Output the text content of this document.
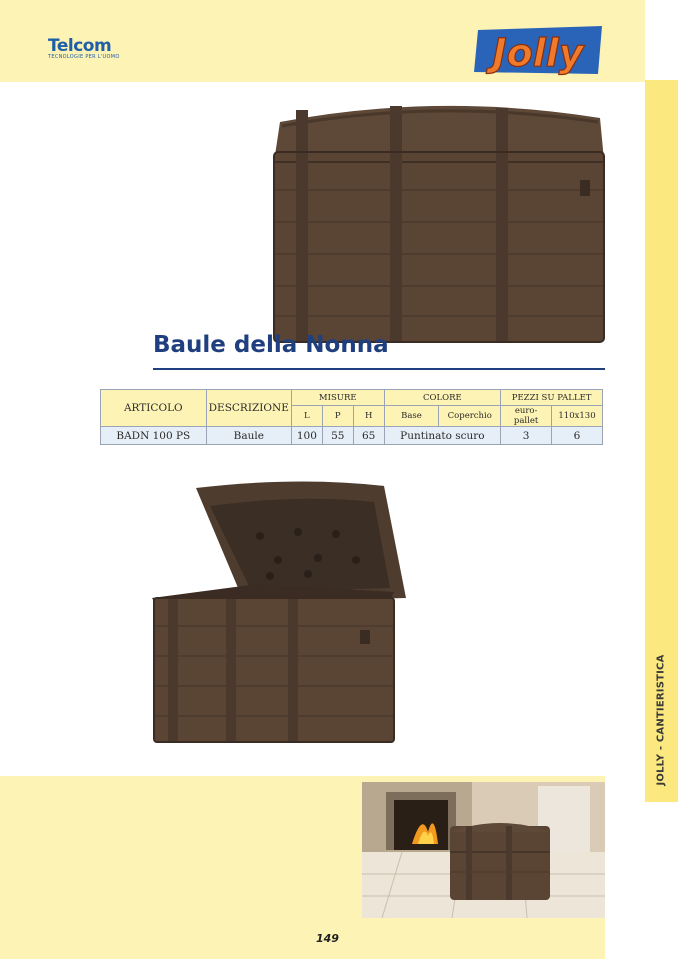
JOLLY - CANTIERISTICA
Telcom
TECNOLOGIE PER L'UOMO	Jolly
Baule della Nonna
ARTICOLO	DESCRIZIONE	MISURE			COLORE		PEZZI SU PALLET	
		L	P	H	Base	Coperchio	euro-pallet	110x130
BADN 100 PS	Baule	100	55	65	Puntinato scuro		3	6
149
